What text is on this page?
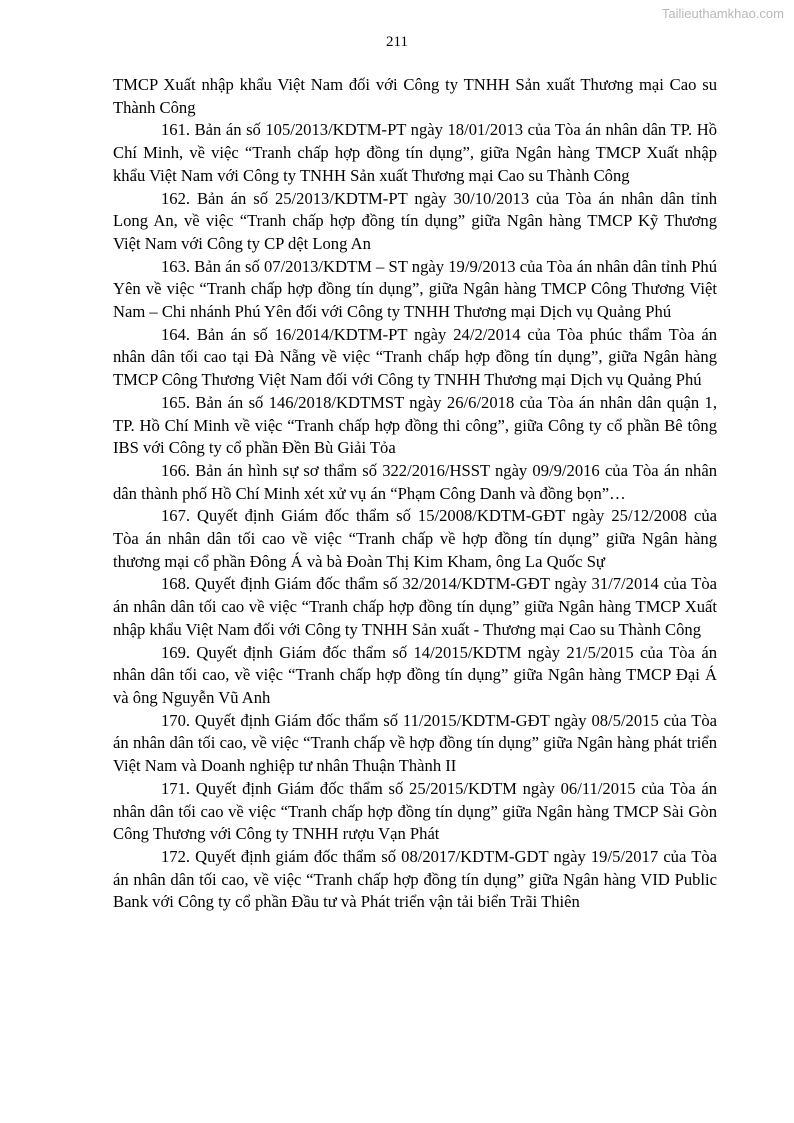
Tailieuthamkhao.com
211

TMCP Xuất nhập khẩu Việt Nam đối với Công ty TNHH Sản xuất Thương mại Cao su Thành Công

161. Bản án số 105/2013/KDTM-PT ngày 18/01/2013 của Tòa án nhân dân TP. Hồ Chí Minh, về việc “Tranh chấp hợp đồng tín dụng”, giữa Ngân hàng TMCP Xuất nhập khẩu Việt Nam với Công ty TNHH Sản xuất Thương mại Cao su Thành Công

162. Bản án số 25/2013/KDTM-PT ngày 30/10/2013 của Tòa án nhân dân tỉnh Long An, về việc “Tranh chấp hợp đồng tín dụng” giữa Ngân hàng TMCP Kỹ Thương Việt Nam với Công ty CP dệt Long An

163. Bản án số 07/2013/KDTM – ST ngày 19/9/2013 của Tòa án nhân dân tỉnh Phú Yên về việc “Tranh chấp hợp đồng tín dụng”, giữa Ngân hàng TMCP Công Thương Việt Nam – Chi nhánh Phú Yên đối với Công ty TNHH Thương mại Dịch vụ Quảng Phú

164. Bản án số 16/2014/KDTM-PT ngày 24/2/2014 của Tòa phúc thẩm Tòa án nhân dân tối cao tại Đà Nẵng về việc “Tranh chấp hợp đồng tín dụng”, giữa Ngân hàng TMCP Công Thương Việt Nam đối với Công ty TNHH Thương mại Dịch vụ Quảng Phú

165. Bản án số 146/2018/KDTMST ngày 26/6/2018 của Tòa án nhân dân quận 1, TP. Hồ Chí Minh về việc “Tranh chấp hợp đồng thi công”, giữa Công ty cổ phần Bê tông IBS với Công ty cổ phần Đền Bù Giải Tỏa

166. Bản án hình sự sơ thẩm số 322/2016/HSST ngày 09/9/2016 của Tòa án nhân dân thành phố Hồ Chí Minh xét xử vụ án “Phạm Công Danh và đồng bọn”…

167. Quyết định Giám đốc thẩm số 15/2008/KDTM-GĐT ngày 25/12/2008 của Tòa án nhân dân tối cao về việc “Tranh chấp về hợp đồng tín dụng” giữa Ngân hàng thương mại cổ phần Đông Á và bà Đoàn Thị Kim Kham, ông La Quốc Sự

168. Quyết định Giám đốc thẩm số 32/2014/KDTM-GĐT ngày 31/7/2014 của Tòa án nhân dân tối cao về việc “Tranh chấp hợp đồng tín dụng” giữa Ngân hàng TMCP Xuất nhập khẩu Việt Nam đối với Công ty TNHH Sản xuất - Thương mại Cao su Thành Công

169. Quyết định Giám đốc thẩm số 14/2015/KDTM ngày 21/5/2015 của Tòa án nhân dân tối cao, về việc “Tranh chấp hợp đồng tín dụng” giữa Ngân hàng TMCP Đại Á và ông Nguyễn Vũ Anh

170. Quyết định Giám đốc thẩm số 11/2015/KDTM-GĐT ngày 08/5/2015 của Tòa án nhân dân tối cao, về việc “Tranh chấp về hợp đồng tín dụng” giữa Ngân hàng phát triển Việt Nam và Doanh nghiệp tư nhân Thuận Thành II

171. Quyết định Giám đốc thẩm số 25/2015/KDTM ngày 06/11/2015 của Tòa án nhân dân tối cao về việc “Tranh chấp hợp đồng tín dụng” giữa Ngân hàng TMCP Sài Gòn Công Thương với Công ty TNHH rượu Vạn Phát

172. Quyết định giám đốc thẩm số 08/2017/KDTM-GDT ngày 19/5/2017 của Tòa án nhân dân tối cao, về việc “Tranh chấp hợp đồng tín dụng” giữa Ngân hàng VID Public Bank với Công ty cổ phần Đầu tư và Phát triển vận tải biển Trãi Thiên
